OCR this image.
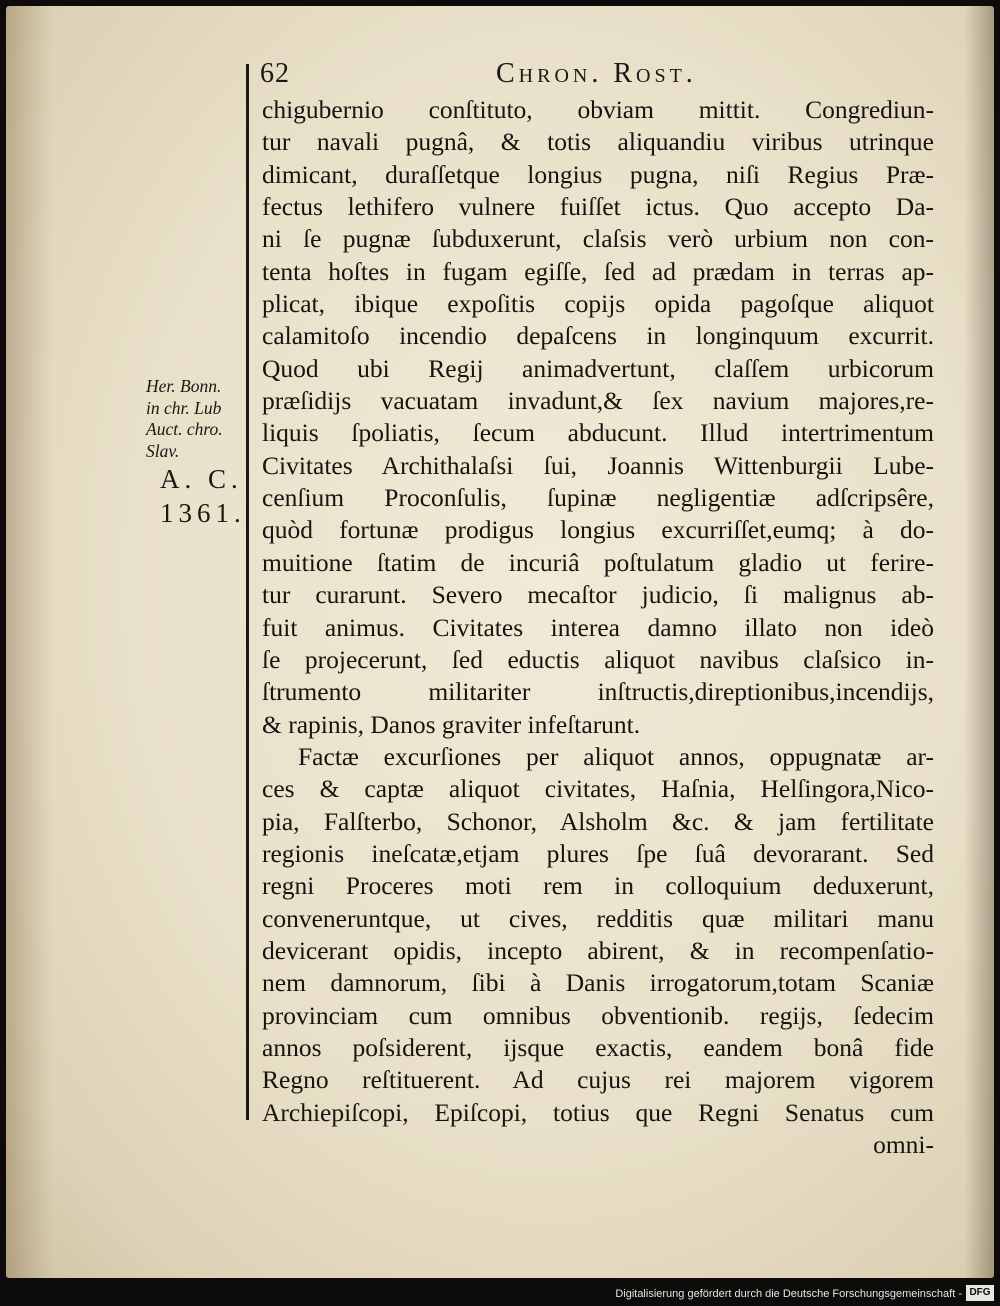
62	Chron. Rost.
Her. Bonn.
in chr. Lub
Auct. chro.
Slav.
A. C.
1361.
chigubernio conſtituto, obviam mittit. Congrediun-
tur navali pugnâ, & totis aliquandiu viribus utrinque
dimicant, duraſſetque longius pugna, niſi Regius Præ-
fectus lethifero vulnere fuiſſet ictus. Quo accepto Da-
ni ſe pugnæ ſubduxerunt, claſsis verò urbium non con-
tenta hoſtes in fugam egiſſe, ſed ad prædam in terras ap-
plicat, ibique expoſitis copijs opida pagoſque aliquot
calamitoſo incendio depaſcens in longinquum excurrit.
Quod ubi Regij animadvertunt, claſſem urbicorum
præſidijs vacuatam invadunt,& ſex navium majores,re-
liquis ſpoliatis, ſecum abducunt. Illud intertrimentum
Civitates Archithalaſsi ſui, Joannis Wittenburgii Lube-
cenſium Proconſulis, ſupinæ negligentiæ adſcripsêre,
quòd fortunæ prodigus longius excurriſſet,eumq; à do-
muitione ſtatim de incuriâ poſtulatum gladio ut ferire-
tur curarunt. Severo mecaſtor judicio, ſi malignus ab-
fuit animus. Civitates interea damno illato non ideò
ſe projecerunt, ſed eductis aliquot navibus claſsico in-
ſtrumento militariter inſtructis,direptionibus,incendijs,
& rapinis, Danos graviter infeſtarunt.
Factæ excurſiones per aliquot annos, oppugnatæ ar-
ces & captæ aliquot civitates, Haſnia, Helſingora,Nico-
pia, Falſterbo, Schonor, Alsholm &c. & jam fertilitate
regionis ineſcatæ,etjam plures ſpe ſuâ devorarant. Sed
regni Proceres moti rem in colloquium deduxerunt,
conveneruntque, ut cives, redditis quæ militari manu
devicerant opidis, incepto abirent, & in recompenſatio-
nem damnorum, ſibi à Danis irrogatorum,totam Scaniæ
provinciam cum omnibus obventionib. regijs, ſedecim
annos poſsiderent, ijsque exactis, eandem bonâ fide
Regno reſtituerent. Ad cujus rei majorem vigorem
Archiepiſcopi, Epiſcopi, totius que Regni Senatus cum
omni-
Digitalisierung gefördert durch die Deutsche Forschungsgemeinschaft - DFG
